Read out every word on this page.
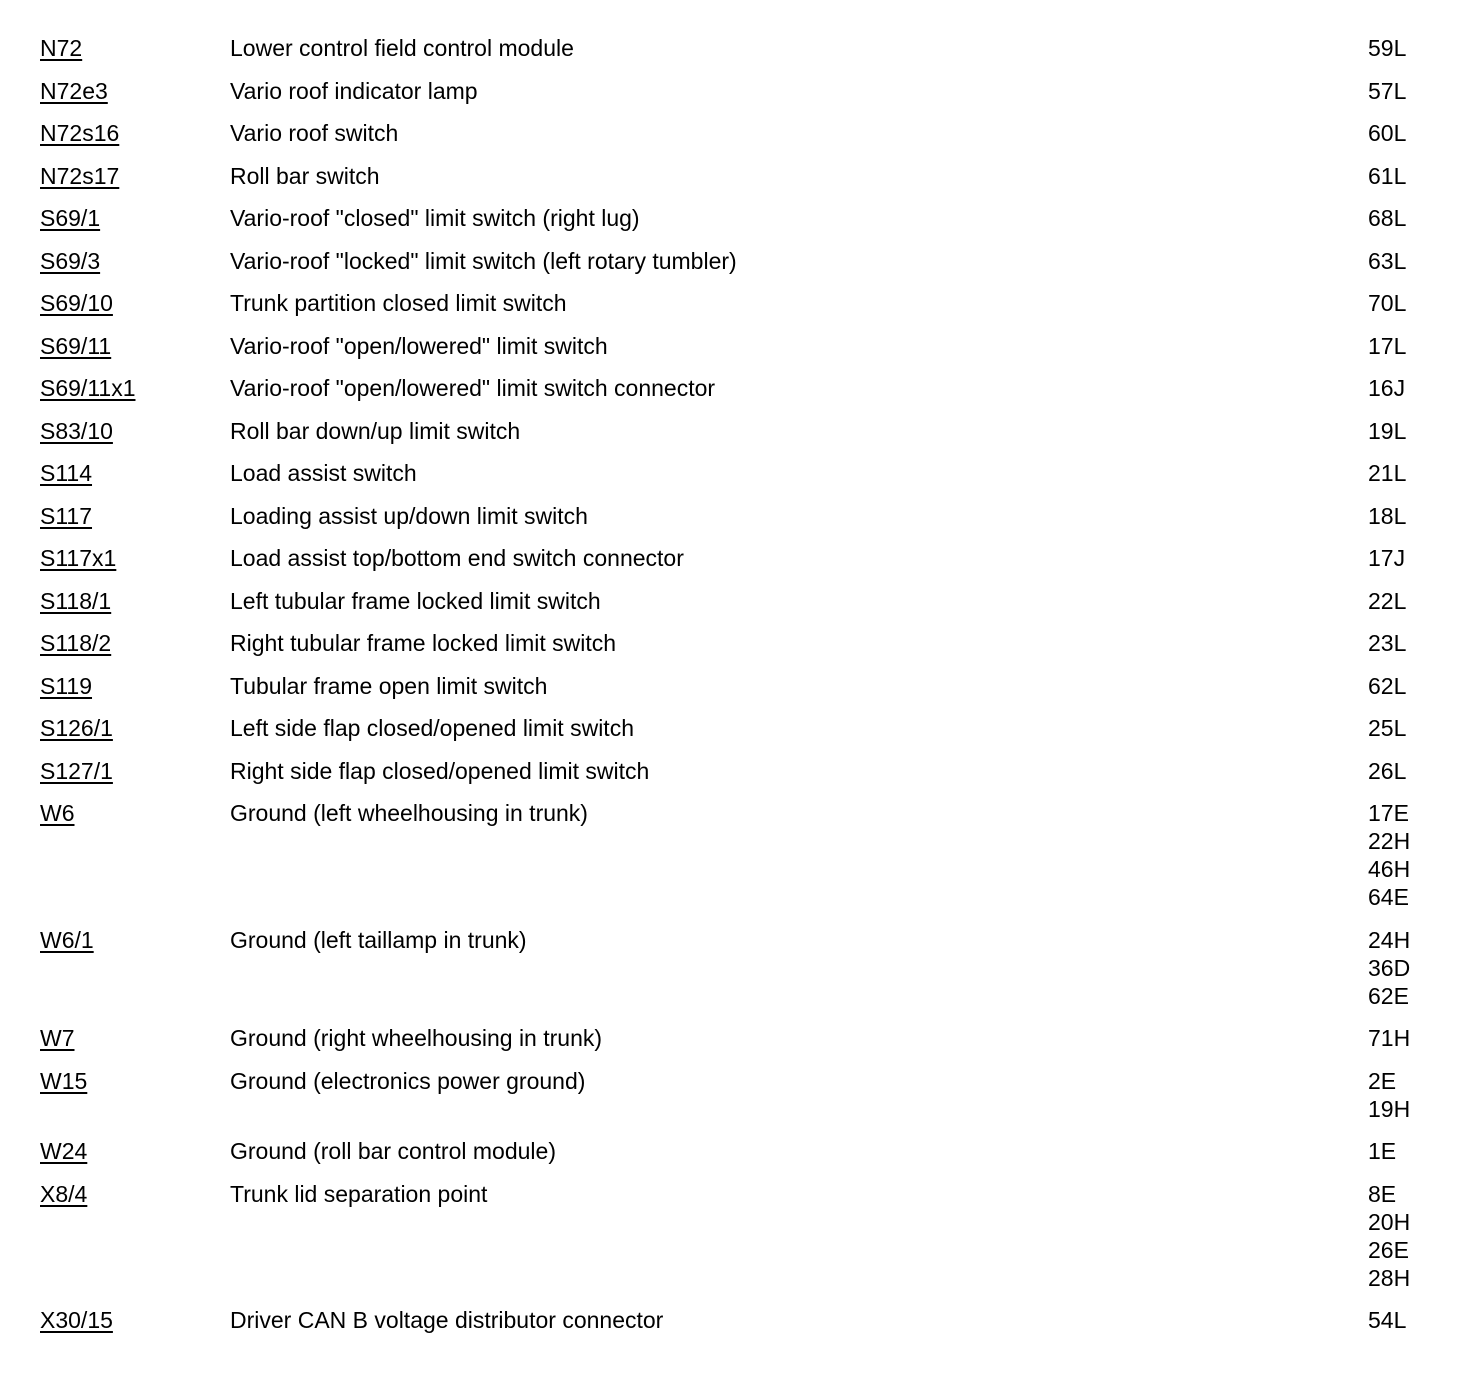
N72	Lower control field control module	59L
N72e3	Vario roof indicator lamp	57L
N72s16	Vario roof switch	60L
N72s17	Roll bar switch	61L
S69/1	Vario-roof "closed" limit switch (right lug)	68L
S69/3	Vario-roof "locked" limit switch (left rotary tumbler)	63L
S69/10	Trunk partition closed limit switch	70L
S69/11	Vario-roof "open/lowered" limit switch	17L
S69/11x1	Vario-roof "open/lowered" limit switch connector	16J
S83/10	Roll bar down/up limit switch	19L
S114	Load assist switch	21L
S117	Loading assist up/down limit switch	18L
S117x1	Load assist top/bottom end switch connector	17J
S118/1	Left tubular frame locked limit switch	22L
S118/2	Right tubular frame locked limit switch	23L
S119	Tubular frame open limit switch	62L
S126/1	Left side flap closed/opened limit switch	25L
S127/1	Right side flap closed/opened limit switch	26L
W6	Ground (left wheelhousing in trunk)	17E
22H
46H
64E
W6/1	Ground (left taillamp in trunk)	24H
36D
62E
W7	Ground (right wheelhousing in trunk)	71H
W15	Ground (electronics power ground)	2E
19H
W24	Ground (roll bar control module)	1E
X8/4	Trunk lid separation point	8E
20H
26E
28H
X30/15	Driver CAN B voltage distributor connector	54L
